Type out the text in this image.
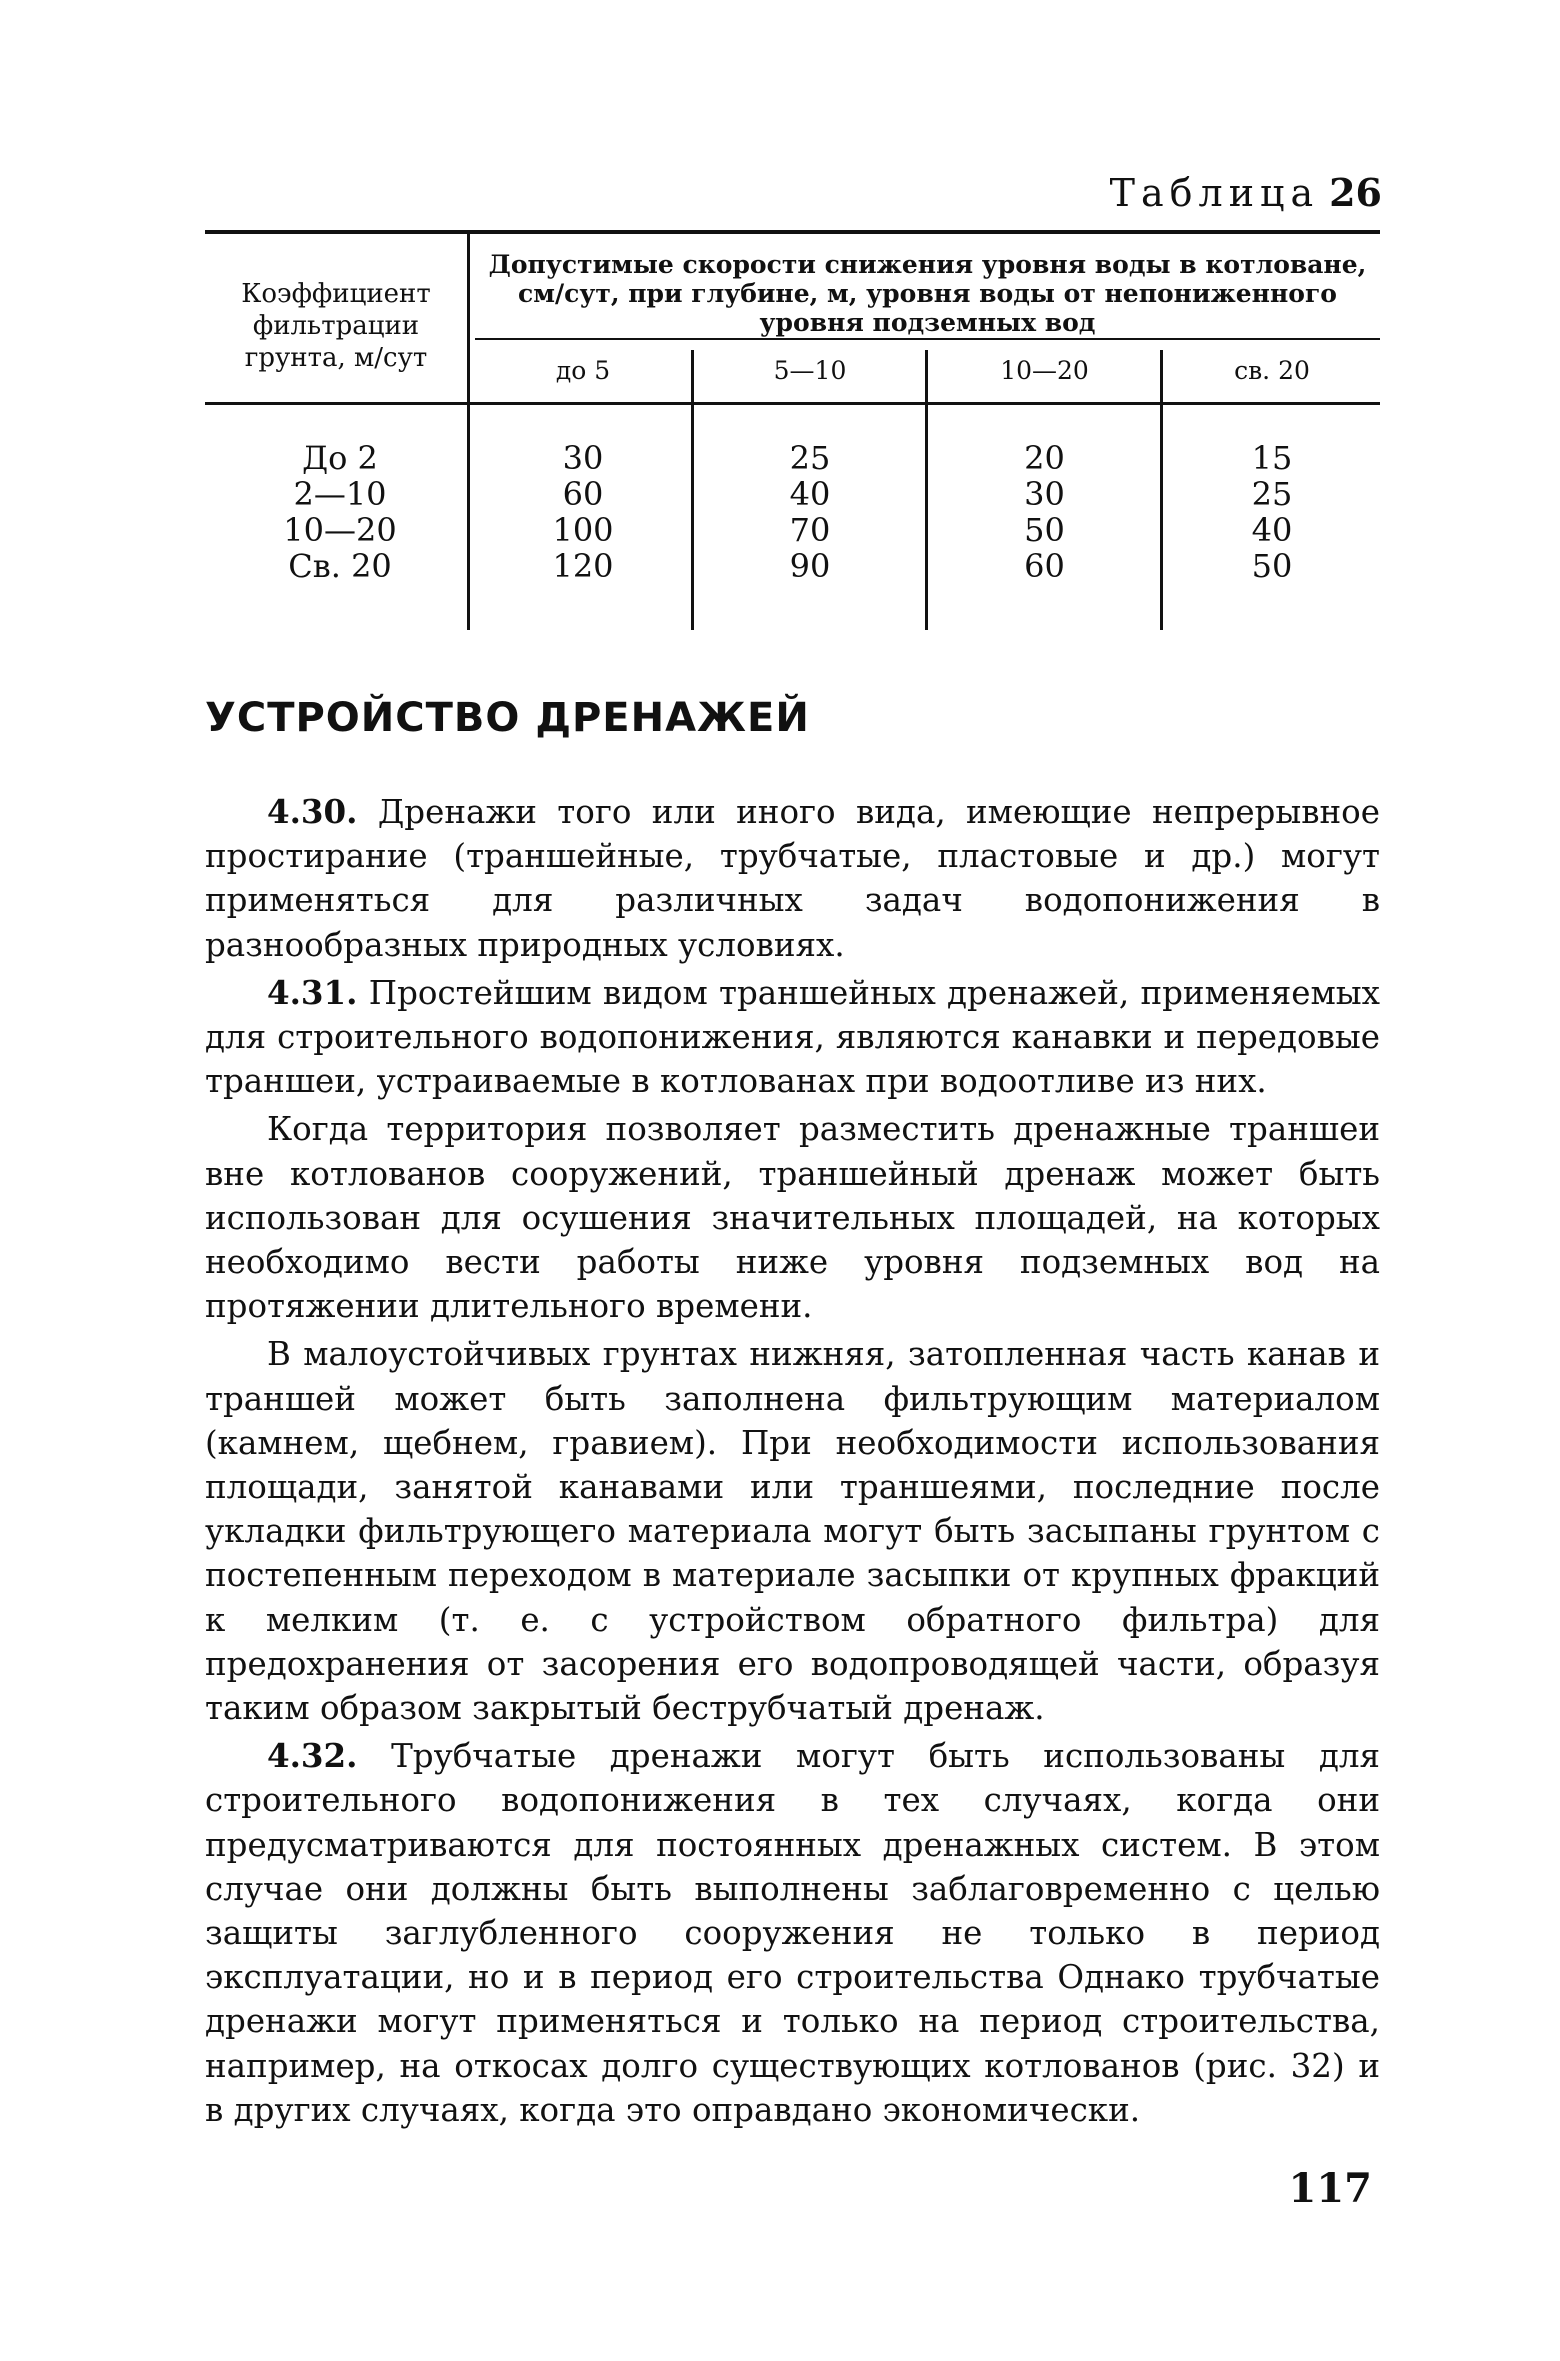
Таблица 26
Коэффициент
фильтрации
грунта, м/сут
Допустимые скорости снижения уровня воды в котловане,
см/сут, при глубине, м, уровня воды от непониженного
уровня подземных вод
до 5	5—10	10—20	св. 20
До 2	30	25	20	15
2—10	60	40	30	25
10—20	100	70	50	40
Св. 20	120	90	60	50
УСТРОЙСТВО ДРЕНАЖЕЙ

4.30. Дренажи того или иного вида, имеющие непрерывное простирание (траншейные, трубчатые, пластовые и др.) могут применяться для различных задач водопонижения в разнообразных природных условиях.

4.31. Простейшим видом траншейных дренажей, применяемых для строительного водопонижения, являются канавки и передовые траншеи, устраиваемые в котлованах при водоотливе из них.

Когда территория позволяет разместить дренажные траншеи вне котлованов сооружений, траншейный дренаж может быть использован для осушения значительных площадей, на которых необходимо вести работы ниже уровня подземных вод на протяжении длительного времени.

В малоустойчивых грунтах нижняя, затопленная часть канав и траншей может быть заполнена фильтрующим материалом (камнем, щебнем, гравием). При необходимости использования площади, занятой канавами или траншеями, последние после укладки фильтрующего материала могут быть засыпаны грунтом с постепенным переходом в материале засыпки от крупных фракций к мелким (т. е. с устройством обратного фильтра) для предохранения от засорения его водопроводящей части, образуя таким образом закрытый беструбчатый дренаж.

4.32. Трубчатые дренажи могут быть использованы для строительного водопонижения в тех случаях, когда они предусматриваются для постоянных дренажных систем. В этом случае они должны быть выполнены заблаговременно с целью защиты заглубленного сооружения не только в период эксплуатации, но и в период его строительства Однако трубчатые дренажи могут применяться и только на период строительства, например, на откосах долго существующих котлованов (рис. 32) и в других случаях, когда это оправдано экономически.

117
